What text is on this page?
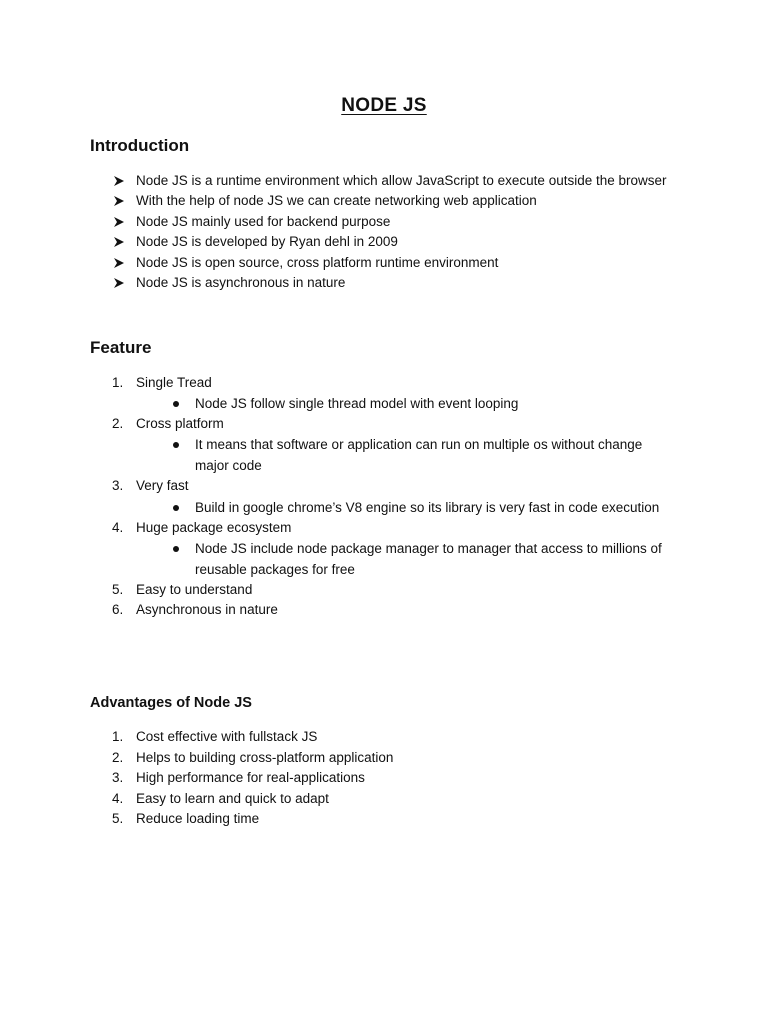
NODE JS
Introduction
Node JS is a runtime environment which allow JavaScript to execute outside the browser
With the help of node JS we can create networking web application
Node JS mainly used for backend purpose
Node JS is developed by Ryan dehl in 2009
Node JS is open source, cross platform runtime environment
Node JS is asynchronous in nature
Feature
1. Single Tread
Node JS follow single thread model with event looping
2. Cross platform
It means that software or application can run on multiple os without change
major code
3. Very fast
Build in google chrome’s V8 engine so its library is very fast in code execution
4. Huge package ecosystem
Node JS include node package manager to manager that access to millions of
reusable packages for free
5. Easy to understand
6. Asynchronous in nature
Advantages of Node JS
1. Cost effective with fullstack JS
2. Helps to building cross-platform application
3. High performance for real-applications
4. Easy to learn and quick to adapt
5. Reduce loading time
